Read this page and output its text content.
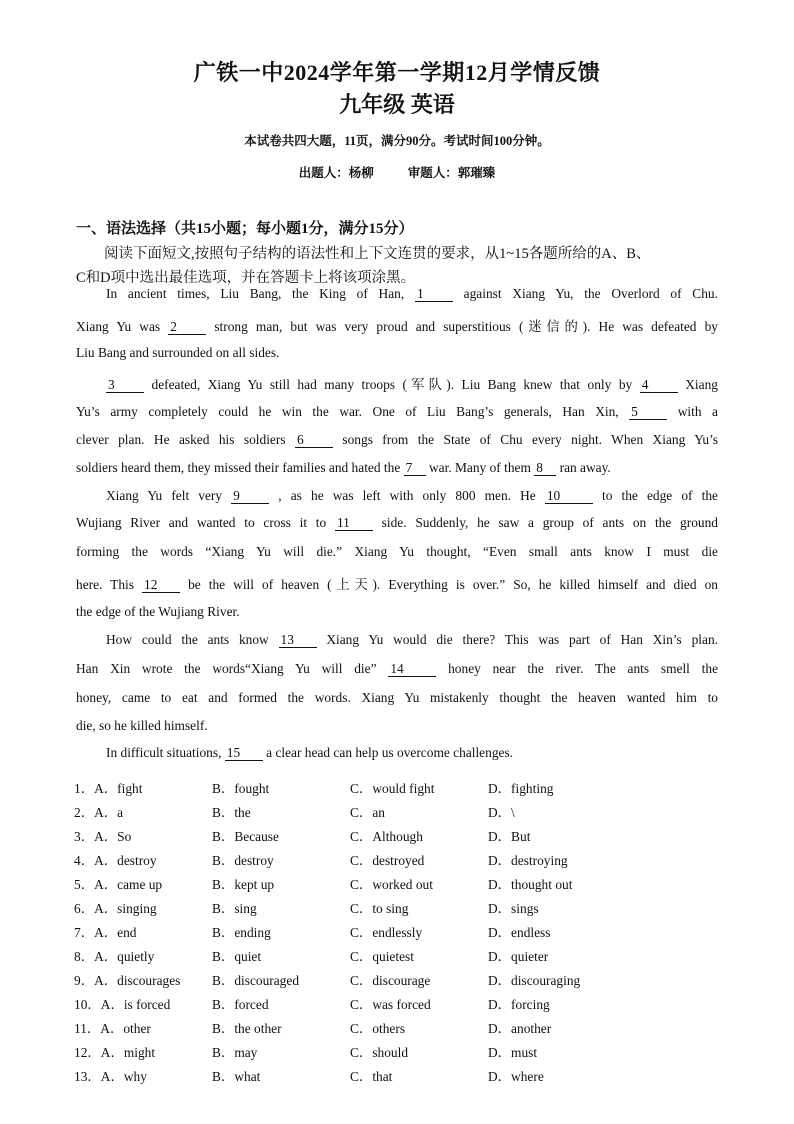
广铁一中2024学年第一学期12月学情反馈
九年级 英语
本试卷共四大题，11页，满分90分。考试时间100分钟。
出题人：杨柳	审题人：郭璀臻
一、语法选择（共15小题；每小题1分，满分15分）
阅读下面短文,按照句子结构的语法性和上下文连贯的要求，从1~15各题所给的A、B、
C和D项中选出最佳选项，并在答题卡上将该项涂黑。
In ancient times, Liu Bang, the King of Han, 1	against Xiang Yu, the Overlord of Chu.
Xiang Yu was 2	strong man, but was very proud and superstitious (迷信的). He was defeated by
Liu Bang and surrounded on all sides.
3	defeated, Xiang Yu still had many troops (军队). Liu Bang knew that only by 4	Xiang
Yu’s army completely could he win the war. One of Liu Bang’s generals, Han Xin, 5	with a
clever plan. He asked his soldiers 6	songs from the State of Chu every night. When Xiang Yu’s
soldiers heard them, they missed their families and hated the 7 war. Many of them 8 ran away.
Xiang Yu felt very 9	, as he was left with only 800 men. He 10	to the edge of the
Wujiang River and wanted to cross it to 11 side. Suddenly, he saw a group of ants on the ground
forming the words “Xiang Yu will die.” Xiang Yu thought, “Even small ants know I must die
here. This 12 be the will of heaven (上天). Everything is over.” So, he killed himself and died on
the edge of the Wujiang River.
How could the ants know 13 Xiang Yu would die there? This was part of Han Xin’s plan.
Han Xin wrote the words“Xiang Yu will die” 14	honey near the river. The ants smell the
honey, came to eat and formed the words. Xiang Yu mistakenly thought the heaven wanted him to
die, so he killed himself.
In difficult situations, 15 a clear head can help us overcome challenges.
1．A．fight	B．fought	C．would fight	D．fighting
2．A．a	B．the	C．an	D．\
3．A．So	B．Because	C．Although	D．But
4．A．destroy	B．destroy	C．destroyed	D．destroying
5．A．came up	B．kept up	C．worked out	D．thought out
6．A．singing	B．sing	C．to sing	D．sings
7．A．end	B．ending	C．endlessly	D．endless
8．A．quietly	B．quiet	C．quietest	D．quieter
9．A．discourages B．discouraged	C．discourage	D．discouraging
10．A．is forced	B．forced	C．was forced	D．forcing
11．A．other	B．the other	C．others	D．another
12．A．might	B．may	C．should	D．must
13．A．why	B．what	C．that	D．where
